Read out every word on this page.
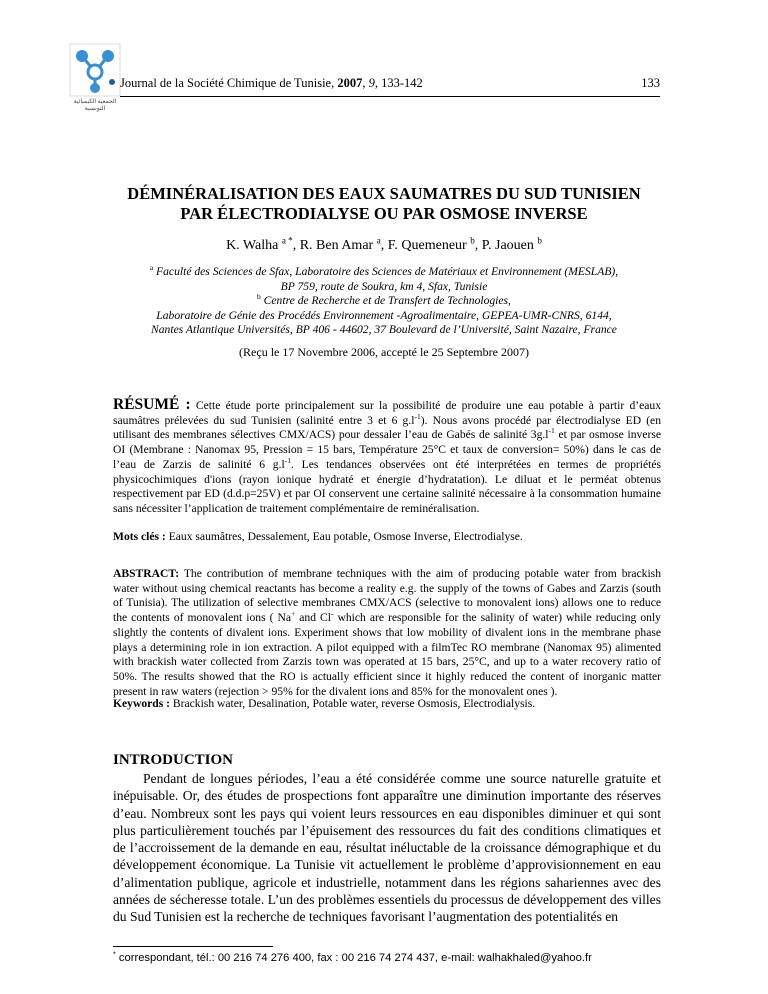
الجمعية الكيميائية التونسية
Journal de la Société Chimique de Tunisie, 2007, 9, 133-142	133
DÉMINÉRALISATION DES EAUX SAUMATRES DU SUD TUNISIEN
PAR ÉLECTRODIALYSE OU PAR OSMOSE INVERSE
K. Walha $^{a *}$, R. Ben Amar $^a$, F. Quemeneur $^b$, P. Jaouen $^b$
$^a$ Faculté des Sciences de Sfax, Laboratoire des Sciences de Matériaux et Environnement (MESLAB),
BP 759, route de Soukra, km 4, Sfax, Tunisie
$^b$ Centre de Recherche et de Transfert de Technologies,
Laboratoire de Génie des Procédés Environnement -Agroalimentaire, GEPEA-UMR-CNRS, 6144,
Nantes Atlantique Universités, BP 406 - 44602, 37 Boulevard de l’Université, Saint Nazaire, France
(Reçu le 17 Novembre 2006, accepté le 25 Septembre 2007)
RÉSUMÉ : Cette étude porte principalement sur la possibilité de produire une eau potable à partir d’eaux saumâtres prélevées du sud Tunisien (salinité entre 3 et 6 $g.l^{-1}$). Nous avons procédé par électrodialyse ED (en utilisant des membranes sélectives CMX/ACS) pour dessaler l’eau de Gabés de salinité $3g.l^{-1}$ et par osmose inverse OI (Membrane : Nanomax 95, Pression = 15 bars, Température 25°C et taux de conversion= 50%) dans le cas de l’eau de Zarzis de salinité 6 $g.l^{-1}$. Les tendances observées ont été interprétées en termes de propriétés physicochimiques d'ions (rayon ionique hydraté et énergie d’hydratation). Le diluat et le perméat obtenus respectivement par ED (d.d.p=25V) et par OI conservent une certaine salinité nécessaire à la consommation humaine sans nécessiter l’application de traitement complémentaire de reminéralisation.
Mots clés : Eaux saumâtres, Dessalement, Eau potable, Osmose Inverse, Electrodialyse.
ABSTRACT: The contribution of membrane techniques with the aim of producing potable water from brackish water without using chemical reactants has become a reality e.g. the supply of the towns of Gabes and Zarzis (south of Tunisia). The utilization of selective membranes CMX/ACS (selective to monovalent ions) allows one to reduce the contents of monovalent ions ( Na+ and Cl- which are responsible for the salinity of water) while reducing only slightly the contents of divalent ions. Experiment shows that low mobility of divalent ions in the membrane phase plays a determining role in ion extraction. A pilot equipped with a filmTec RO membrane (Nanomax 95) alimented with brackish water collected from Zarzis town was operated at 15 bars, 25°C, and up to a water recovery ratio of 50%. The results showed that the RO is actually efficient since it highly reduced the content of inorganic matter present in raw waters (rejection > 95% for the divalent ions and 85% for the monovalent ones ).
Keywords : Brackish water, Desalination, Potable water, reverse Osmosis, Electrodialysis.
INTRODUCTION
Pendant de longues périodes, l’eau a été considérée comme une source naturelle gratuite et inépuisable. Or, des études de prospections font apparaître une diminution importante des réserves d’eau. Nombreux sont les pays qui voient leurs ressources en eau disponibles diminuer et qui sont plus particulièrement touchés par l’épuisement des ressources du fait des conditions climatiques et de l’accroissement de la demande en eau, résultat inéluctable de la croissance démographique et du développement économique. La Tunisie vit actuellement le problème d’approvisionnement en eau d’alimentation publique, agricole et industrielle, notamment dans les régions sahariennes avec des années de sécheresse totale. L’un des problèmes essentiels du processus de développement des villes du Sud Tunisien est la recherche de techniques favorisant l’augmentation des potentialités en
* correspondant, tél.: 00 216 74 276 400, fax : 00 216 74 274 437, e-mail: walhakhaled@yahoo.fr
